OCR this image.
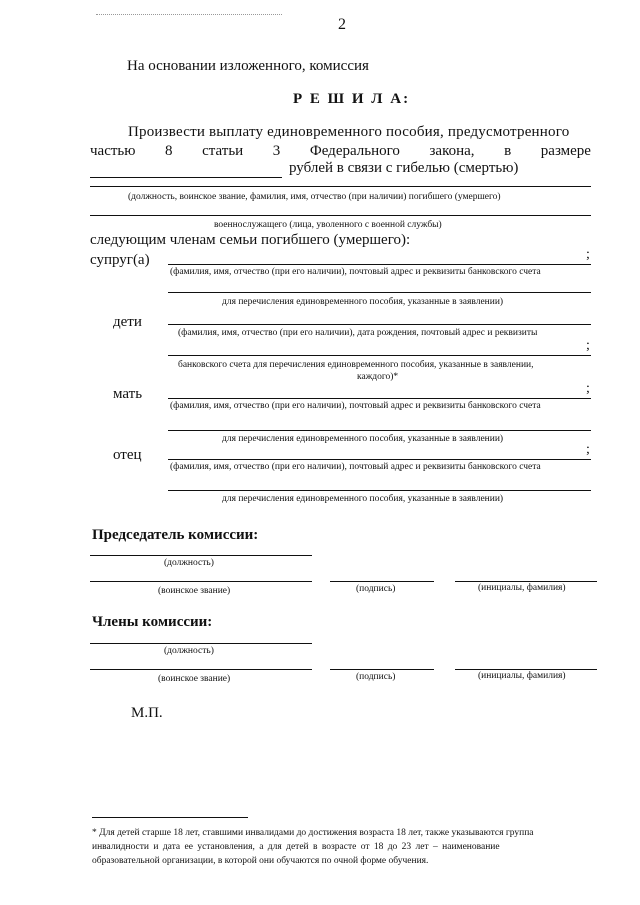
2
На основании изложенного, комиссия
Р Е Ш И Л А:
Произвести выплату единовременного пособия, предусмотренного
частью 8 статьи 3 Федерального закона, в размере
рублей в связи с гибелью (смертью)
(должность, воинское звание, фамилия, имя, отчество (при наличии) погибшего (умершего)
военнослужащего (лица, уволенного с военной службы)
следующим членам семьи погибшего (умершего):
супруг(а)	;
(фамилия, имя, отчество (при его наличии), почтовый адрес и реквизиты банковского счета
для перечисления единовременного пособия, указанные в заявлении)
дети
(фамилия, имя, отчество (при его наличии), дата рождения, почтовый адрес и реквизиты
;
банковского счета для перечисления единовременного пособия, указанные в заявлении,
каждого)*
мать	;
(фамилия, имя, отчество (при его наличии), почтовый адрес и реквизиты банковского счета
для перечисления единовременного пособия, указанные в заявлении)
отец	;
(фамилия, имя, отчество (при его наличии), почтовый адрес и реквизиты банковского счета
для перечисления единовременного пособия, указанные в заявлении)
Председатель комиссии:
(должность)
(воинское звание)	(подпись)	(инициалы, фамилия)
Члены комиссии:
(должность)
(воинское звание)	(подпись)	(инициалы, фамилия)
М.П.
* Для детей старше 18 лет, ставшими инвалидами до достижения возраста 18 лет, также указываются группа
инвалидности и дата ее установления, а для детей в возрасте от 18 до 23 лет – наименование
образовательной организации, в которой они обучаются по очной форме обучения.
